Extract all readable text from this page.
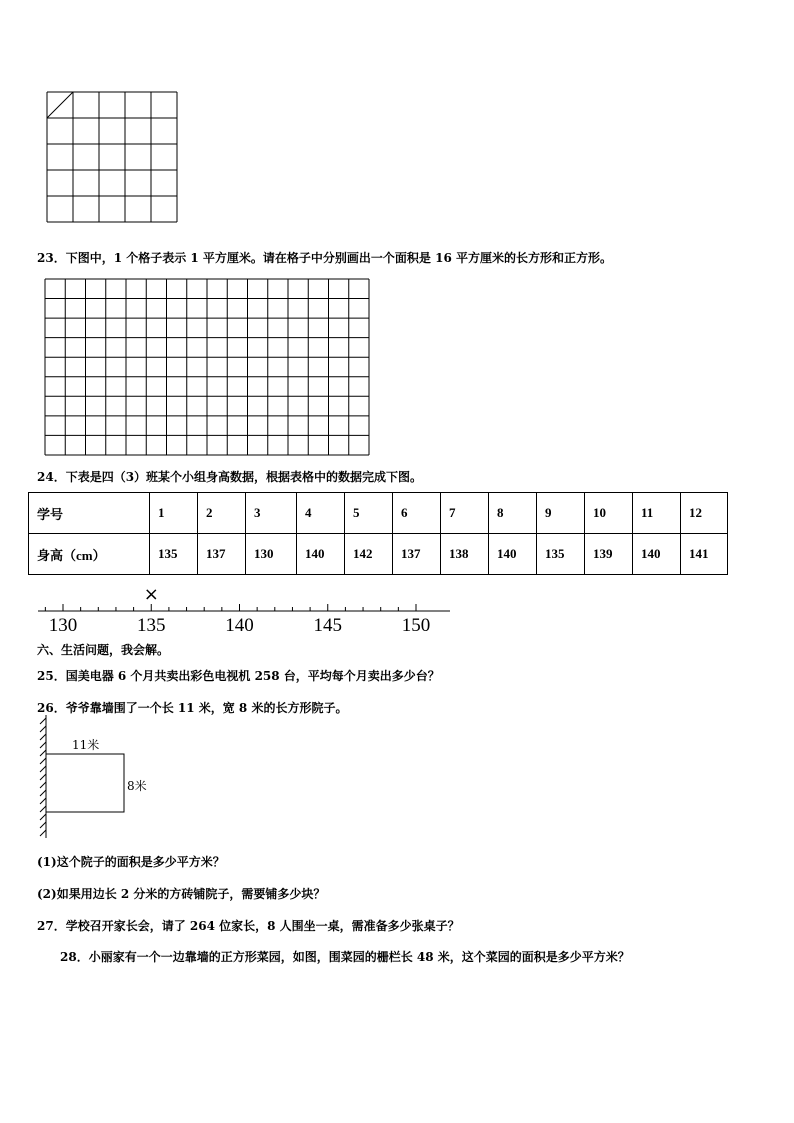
130	135	140	145	150
×
23．下图中，1 个格子表示 1 平方厘米。请在格子中分别画出一个面积是 16 平方厘米的长方形和正方形。
24．下表是四（3）班某个小组身高数据，根据表格中的数据完成下图。
学号	1	2	3	4	5	6	7	8	9	10	11	12
身高（cm）	135	137	130	140	142	137	138	140	135	139	140	141
六、生活问题，我会解。
25．国美电器 6 个月共卖出彩色电视机 258 台，平均每个月卖出多少台？
26．爷爷靠墙围了一个长 11 米，宽 8 米的长方形院子。
11米
8米
(1)这个院子的面积是多少平方米？
(2)如果用边长 2 分米的方砖铺院子，需要铺多少块？
27．学校召开家长会，请了 264 位家长，8 人围坐一桌，需准备多少张桌子？
28．小丽家有一个一边靠墙的正方形菜园，如图，围菜园的栅栏长 48 米，这个菜园的面积是多少平方米？
